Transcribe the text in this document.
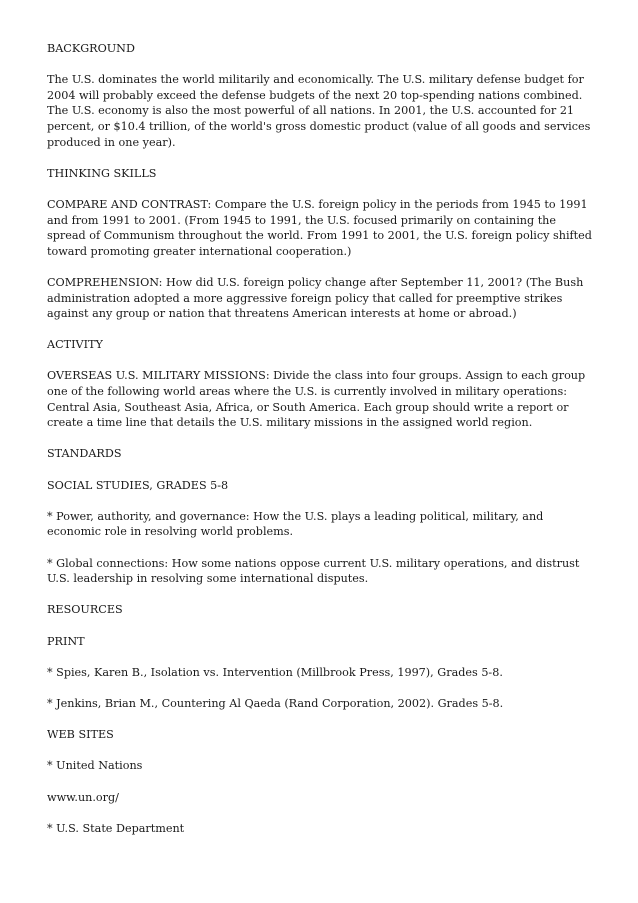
BACKGROUND

The U.S. dominates the world militarily and economically. The U.S. military defense budget for 2004 will probably exceed the defense budgets of the next 20 top-spending nations combined. The U.S. economy is also the most powerful of all nations. In 2001, the U.S. accounted for 21 percent, or $10.4 trillion, of the world's gross domestic product (value of all goods and services produced in one year).

THINKING SKILLS

COMPARE AND CONTRAST: Compare the U.S. foreign policy in the periods from 1945 to 1991 and from 1991 to 2001. (From 1945 to 1991, the U.S. focused primarily on containing the spread of Communism throughout the world. From 1991 to 2001, the U.S. foreign policy shifted toward promoting greater international cooperation.)

COMPREHENSION: How did U.S. foreign policy change after September 11, 2001? (The Bush administration adopted a more aggressive foreign policy that called for preemptive strikes against any group or nation that threatens American interests at home or abroad.)

ACTIVITY

OVERSEAS U.S. MILITARY MISSIONS: Divide the class into four groups. Assign to each group one of the following world areas where the U.S. is currently involved in military operations: Central Asia, Southeast Asia, Africa, or South America. Each group should write a report or create a time line that details the U.S. military missions in the assigned world region.

STANDARDS

SOCIAL STUDIES, GRADES 5-8

* Power, authority, and governance: How the U.S. plays a leading political, military, and economic role in resolving world problems.

* Global connections: How some nations oppose current U.S. military operations, and distrust U.S. leadership in resolving some international disputes.

RESOURCES

PRINT

* Spies, Karen B., Isolation vs. Intervention (Millbrook Press, 1997), Grades 5-8.

* Jenkins, Brian M., Countering Al Qaeda (Rand Corporation, 2002). Grades 5-8.

WEB SITES

* United Nations

www.un.org/

* U.S. State Department
